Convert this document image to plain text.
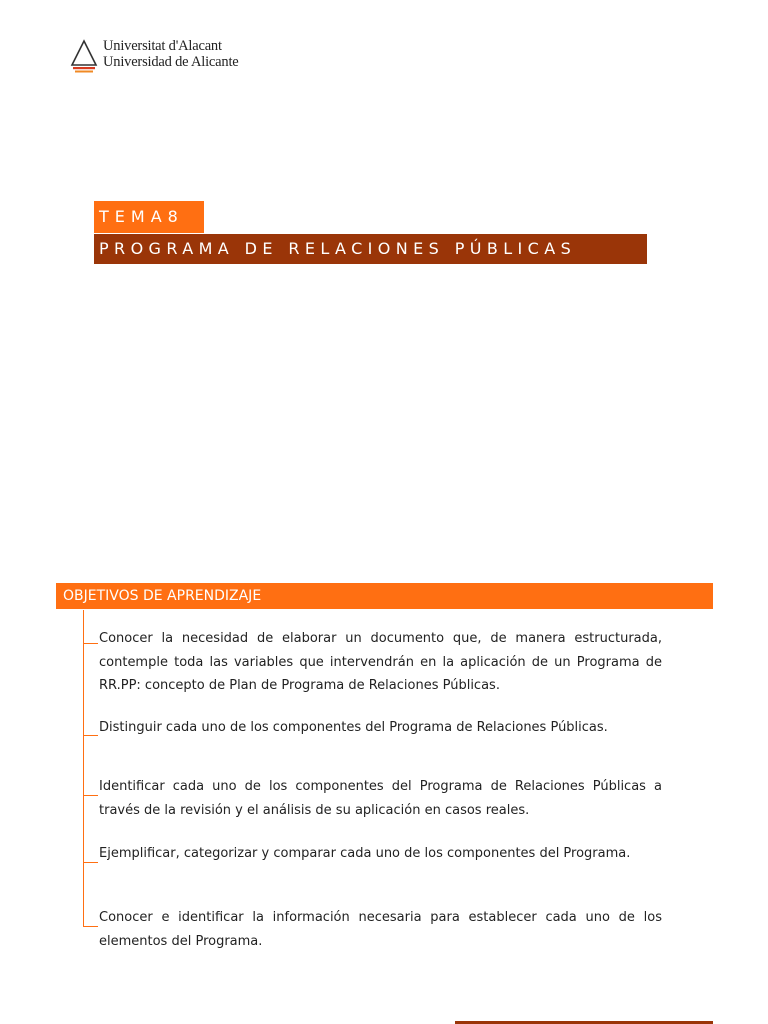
Universitat d'Alacant
Universidad de Alicante
TEMA8
PROGRAMA DE RELACIONES PÚBLICAS
OBJETIVOS DE APRENDIZAJE
Conocer la necesidad de elaborar un documento que, de manera estructurada, contemple toda las variables que intervendrán en la aplicación de un Programa de RR.PP: concepto de Plan de Programa de Relaciones Públicas.
Distinguir cada uno de los componentes del Programa de Relaciones Públicas.
Identificar cada uno de los componentes del Programa de Relaciones Públicas a través de la revisión y el análisis de su aplicación en casos reales.
Ejemplificar, categorizar y comparar cada uno de los componentes del Programa.
Conocer e identificar la información necesaria para establecer cada uno de los elementos del Programa.
